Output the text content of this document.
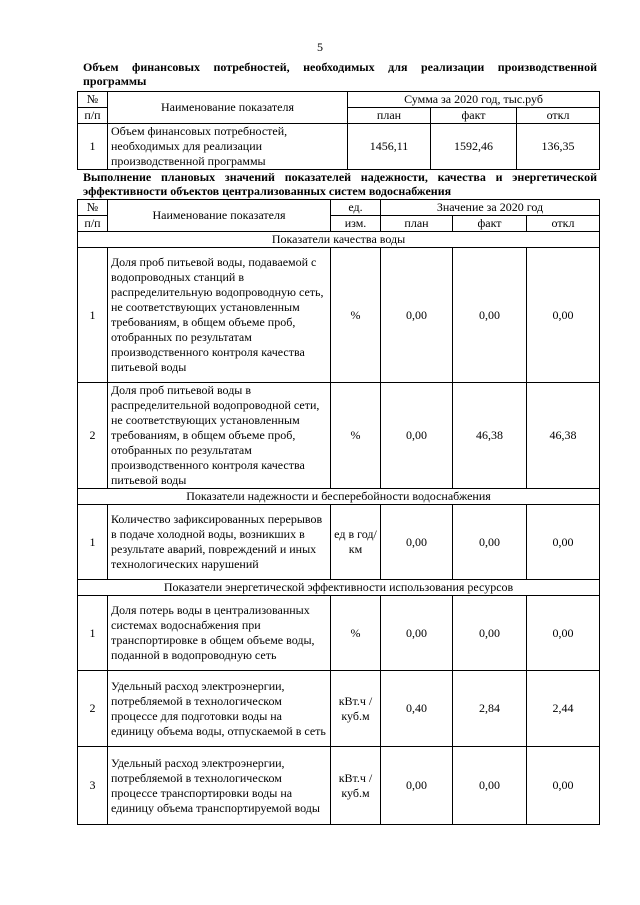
5
Объем финансовых потребностей, необходимых для реализации производственной программы
№	Наименование показателя	Сумма за 2020 год, тыс.руб		
п/п		план	факт	откл
1	Объем финансовых потребностей, необходимых для реализации производственной программы	1456,11	1592,46	136,35
Выполнение плановых значений показателей надежности, качества и энергетической эффективности объектов централизованных систем водоснабжения
№	Наименование показателя	ед.	Значение за 2020 год		
п/п		изм.	план	факт	откл
Показатели качества воды					
1	Доля проб питьевой воды, подаваемой с водопроводных станций в распределительную водопроводную сеть, не соответствующих установленным требованиям, в общем объеме проб, отобранных по результатам производственного контроля качества питьевой воды	%	0,00	0,00	0,00
2	Доля проб питьевой воды в распределительной водопроводной сети, не соответствующих установленным требованиям, в общем объеме проб, отобранных по результатам производственного контроля качества питьевой воды	%	0,00	46,38	46,38
Показатели надежности и бесперебойности водоснабжения					
1	Количество зафиксированных перерывов в подаче холодной воды, возникших в результате аварий, повреждений и иных технологических нарушений	ед в год/ км	0,00	0,00	0,00
Показатели энергетической эффективности использования ресурсов					
1	Доля потерь воды в централизованных системах водоснабжения при транспортировке в общем объеме воды, поданной в водопроводную сеть	%	0,00	0,00	0,00
2	Удельный расход электроэнергии, потребляемой в технологическом процессе для подготовки воды на единицу объема воды, отпускаемой в сеть	кВт.ч / куб.м	0,40	2,84	2,44
3	Удельный расход электроэнергии, потребляемой в технологическом процессе транспортировки воды на единицу объема транспортируемой воды	кВт.ч / куб.м	0,00	0,00	0,00
